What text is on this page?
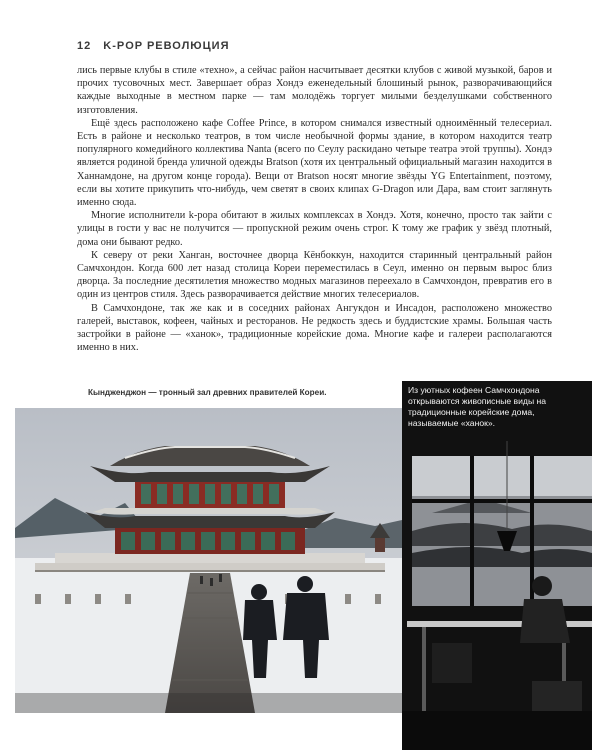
12 K-POP РЕВОЛЮЦИЯ

лись первые клубы в стиле «техно», а сейчас район насчитывает десятки клубов с живой музыкой, баров и прочих тусовочных мест. Завершает образ Хондэ еженедельный блошиный рынок, разворачивающийся каждые выходные в местном парке — там молодёжь торгует милыми безделушками собственного изготовления.

Ещё здесь расположено кафе Coffee Prince, в котором снимался известный одноимённый телесериал. Есть в районе и несколько театров, в том числе необычной формы здание, в котором находится театр популярного комедийного коллектива Nanta (всего по Сеулу раскидано четыре театра этой труппы). Хондэ является родиной бренда уличной одежды Bratson (хотя их центральный официальный магазин находится в Ханнамдоне, на другом конце города). Вещи от Bratson носят многие звёзды YG Entertainment, поэтому, если вы хотите прикупить что-нибудь, чем светят в своих клипах G-Dragon или Дара, вам стоит заглянуть именно сюда.

Многие исполнители k-popa обитают в жилых комплексах в Хондэ. Хотя, конечно, просто так зайти с улицы в гости у вас не получится — пропускной режим очень строг. К тому же график у звёзд плотный, дома они бывают редко.

К северу от реки Ханган, восточнее дворца Кёнбоккун, находится старинный центральный район Самчхондон. Когда 600 лет назад столица Кореи переместилась в Сеул, именно он первым вырос близ дворца. За последние десятилетия множество модных магазинов переехало в Самчхондон, превратив его в один из центров стиля. Здесь разворачивается действие многих телесериалов.

В Самчхондоне, так же как и в соседних районах Ангукдон и Инсадон, расположено множество галерей, выставок, кофеен, чайных и ресторанов. Не редкость здесь и буддистские храмы. Большая часть застройки в районе — «ханок», традиционные корейские дома. Многие кафе и галереи располагаются именно в них.

Кындженджон — тронный зал древних правителей Кореи.	Из уютных кофеен Самчхондона открываются живописные виды на традиционные корейские дома, называемые «ханок».
